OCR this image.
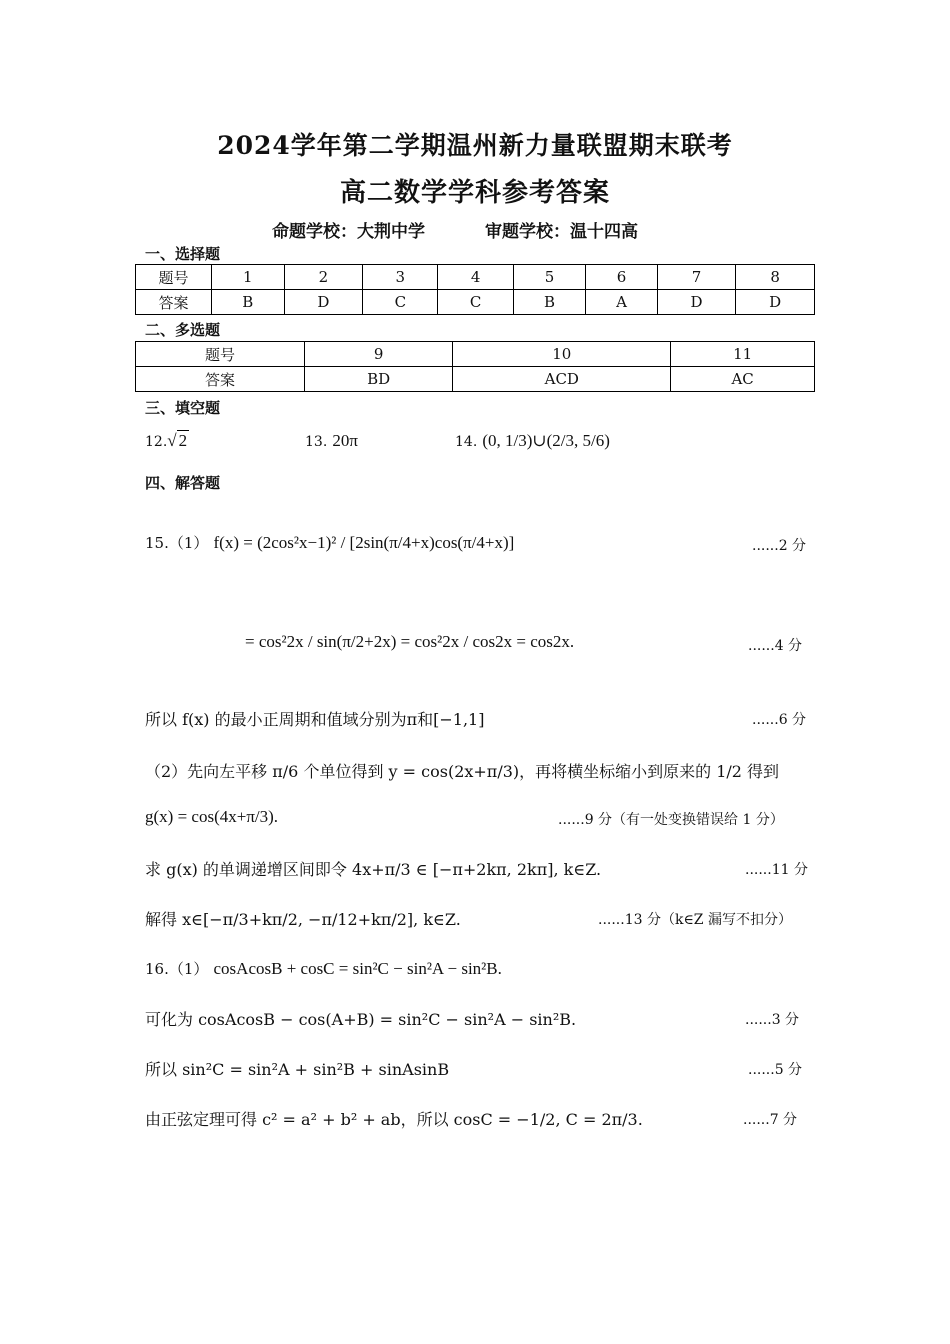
2024学年第二学期温州新力量联盟期末联考
高二数学学科参考答案
命题学校：大荆中学	审题学校：温十四高
一、选择题
题号	1	2	3	4	5	6	7	8
答案	B	D	C	C	B	A	D	D
二、多选题
题号	9	10	11
答案	BD	ACD	AC
三、填空题
12.√ 2	13. 20π	14. (0, 1/3)∪(2/3, 5/6)
四、解答题
15.（1） f(x) = (2cos²x−1)² / [2sin(π/4+x)cos(π/4+x)]	......2 分
= cos²2x / sin(π/2+2x) = cos²2x / cos2x = cos2x.	......4 分
所以 f(x) 的最小正周期和值域分别为π和[−1,1]	......6 分
（2）先向左平移 π/6 个单位得到 y = cos(2x+π/3)，再将横坐标缩小到原来的 1/2 得到
g(x) = cos(4x+π/3).	......9 分（有一处变换错误给 1 分）
求 g(x) 的单调递增区间即令 4x+π/3 ∈ [−π+2kπ, 2kπ], k∈Z.	......11 分
解得 x∈[−π/3+kπ/2, −π/12+kπ/2], k∈Z.	......13 分（k∈Z 漏写不扣分）
16.（1） cosAcosB + cosC = sin²C − sin²A − sin²B.
可化为 cosAcosB − cos(A+B) = sin²C − sin²A − sin²B.	......3 分
所以 sin²C = sin²A + sin²B + sinAsinB	......5 分
由正弦定理可得 c² = a² + b² + ab，所以 cosC = −1/2, C = 2π/3.	......7 分
